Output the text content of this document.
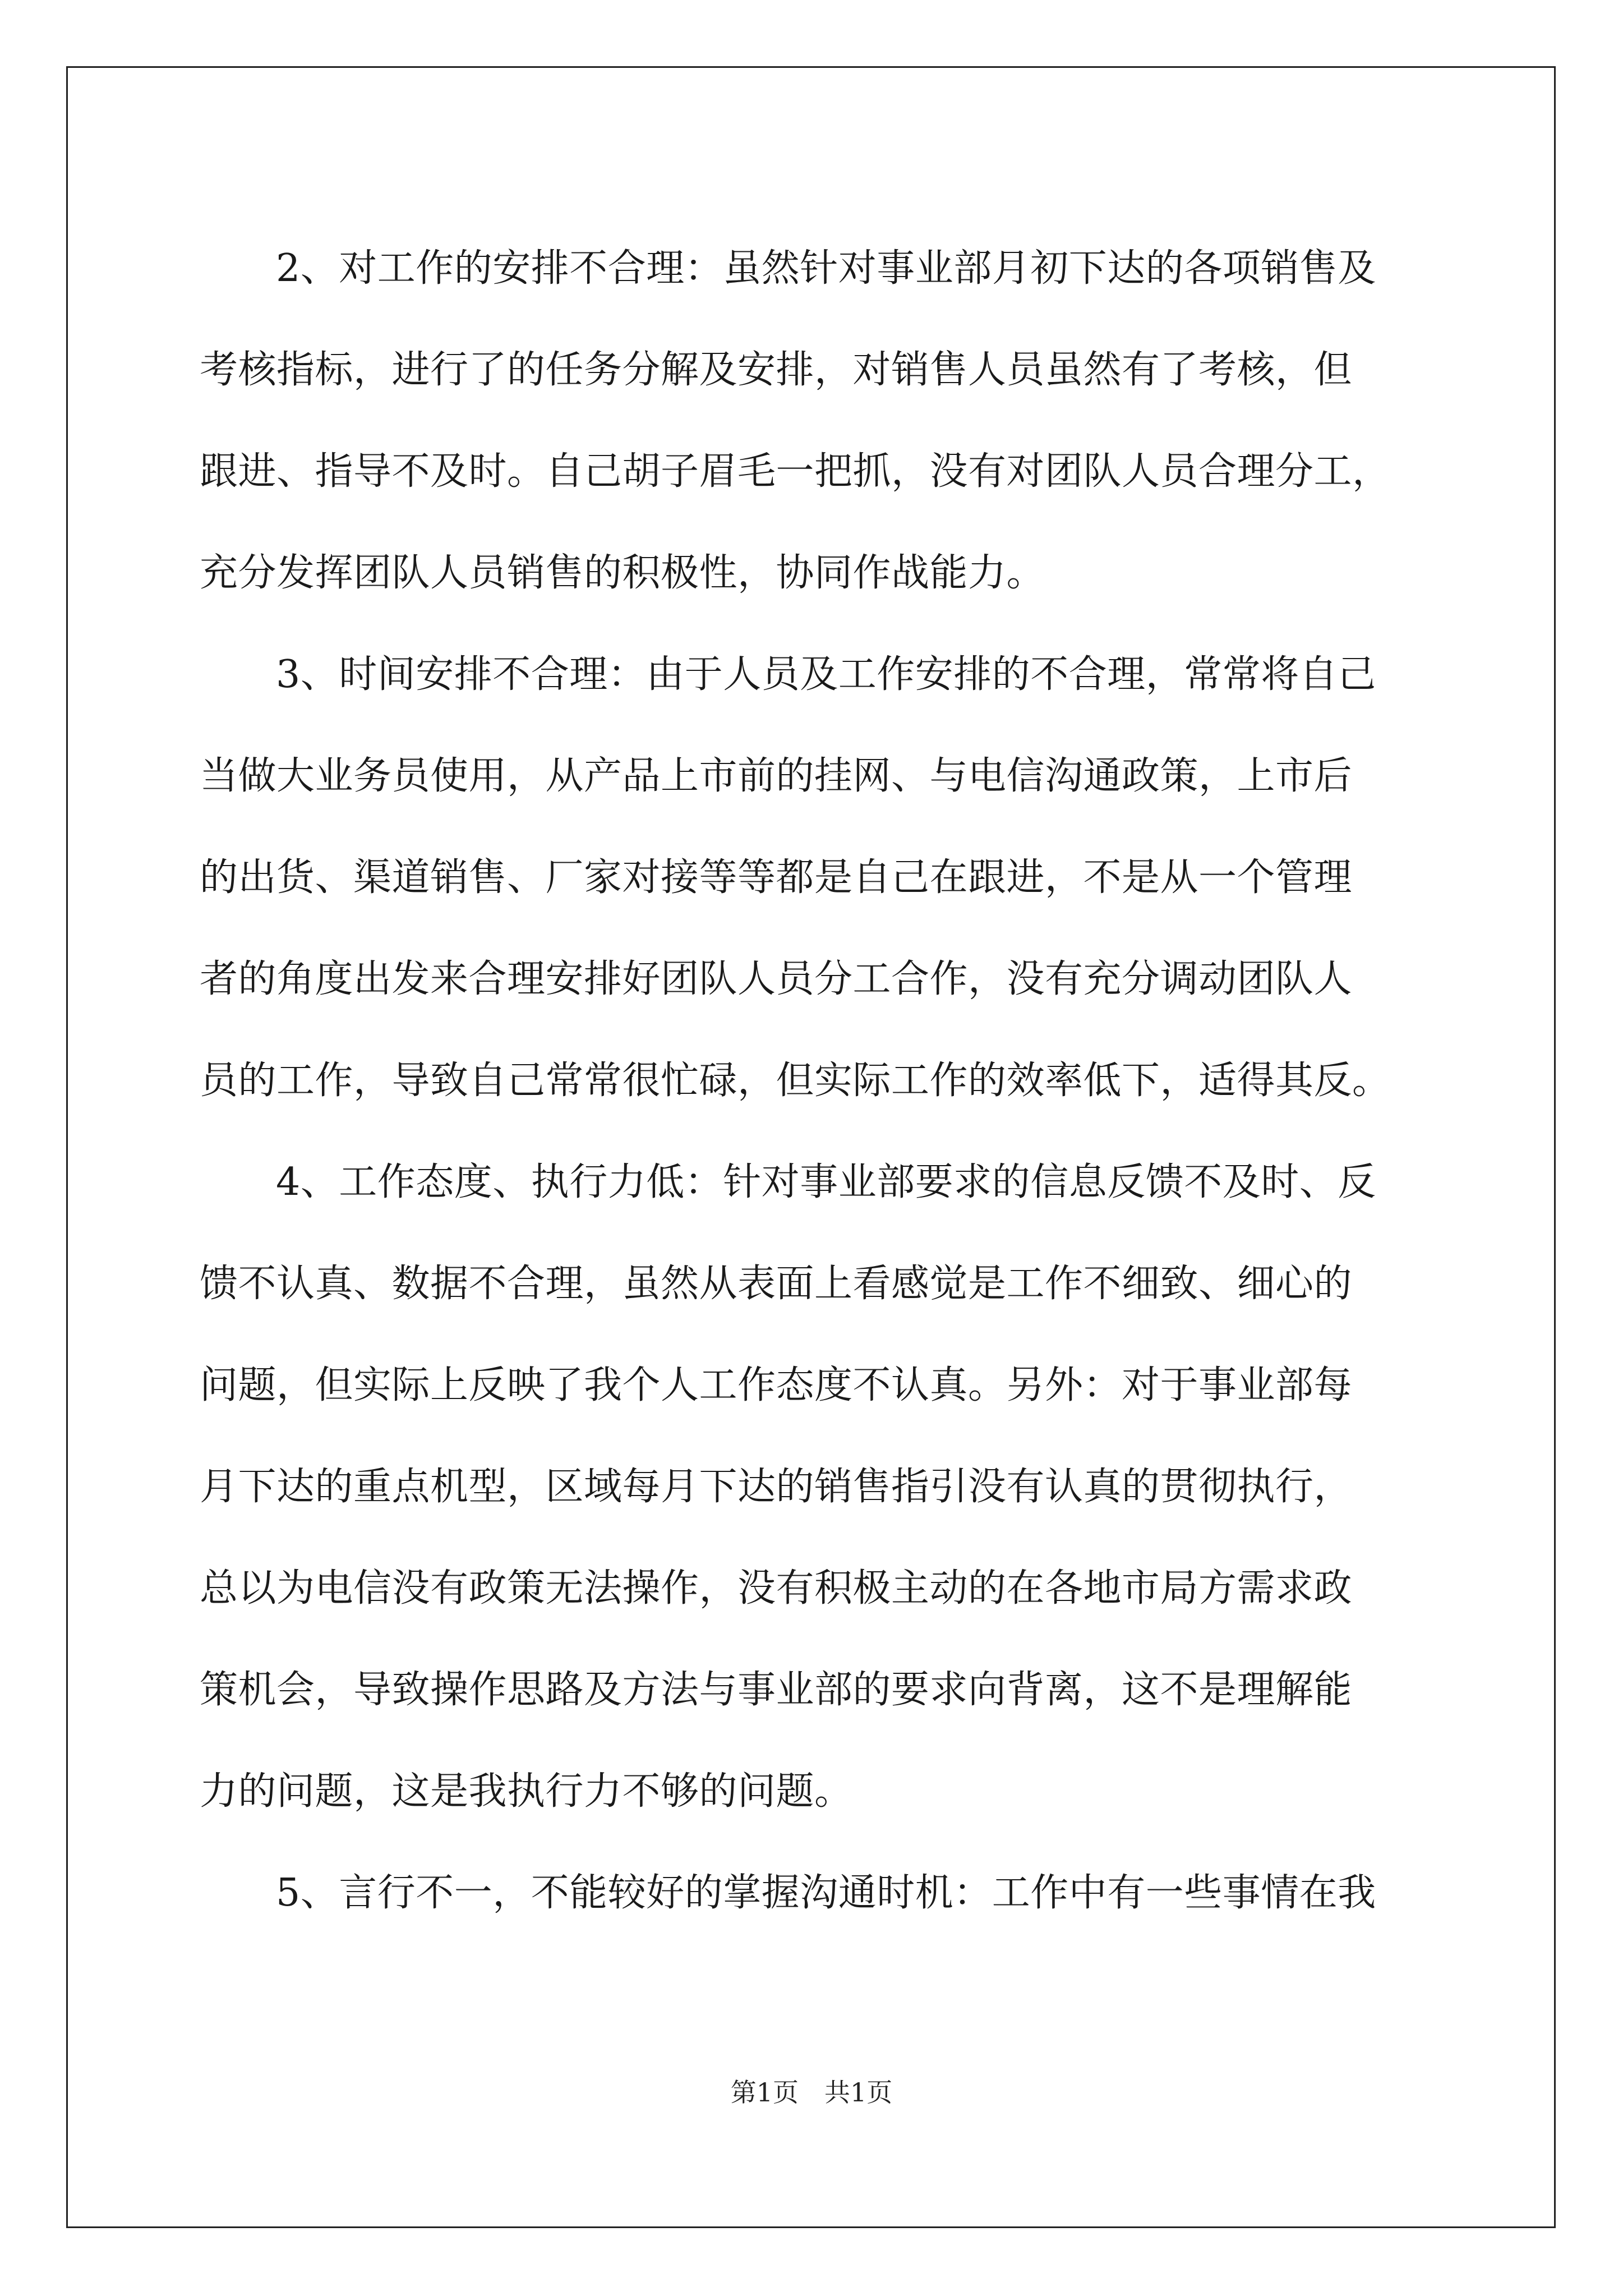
2、对工作的安排不合理：虽然针对事业部月初下达的各项销售及
考核指标，进行了的任务分解及安排，对销售人员虽然有了考核，但
跟进、指导不及时。自己胡子眉毛一把抓，没有对团队人员合理分工，
充分发挥团队人员销售的积极性，协同作战能力。
3、时间安排不合理：由于人员及工作安排的不合理，常常将自己
当做大业务员使用，从产品上市前的挂网、与电信沟通政策，上市后
的出货、渠道销售、厂家对接等等都是自己在跟进，不是从一个管理
者的角度出发来合理安排好团队人员分工合作，没有充分调动团队人
员的工作，导致自己常常很忙碌，但实际工作的效率低下，适得其反。
4、工作态度、执行力低：针对事业部要求的信息反馈不及时、反
馈不认真、数据不合理，虽然从表面上看感觉是工作不细致、细心的
问题，但实际上反映了我个人工作态度不认真。另外：对于事业部每
月下达的重点机型，区域每月下达的销售指引没有认真的贯彻执行，
总以为电信没有政策无法操作，没有积极主动的在各地市局方需求政
策机会，导致操作思路及方法与事业部的要求向背离，这不是理解能
力的问题，这是我执行力不够的问题。
5、言行不一，不能较好的掌握沟通时机：工作中有一些事情在我
第1页 共1页
